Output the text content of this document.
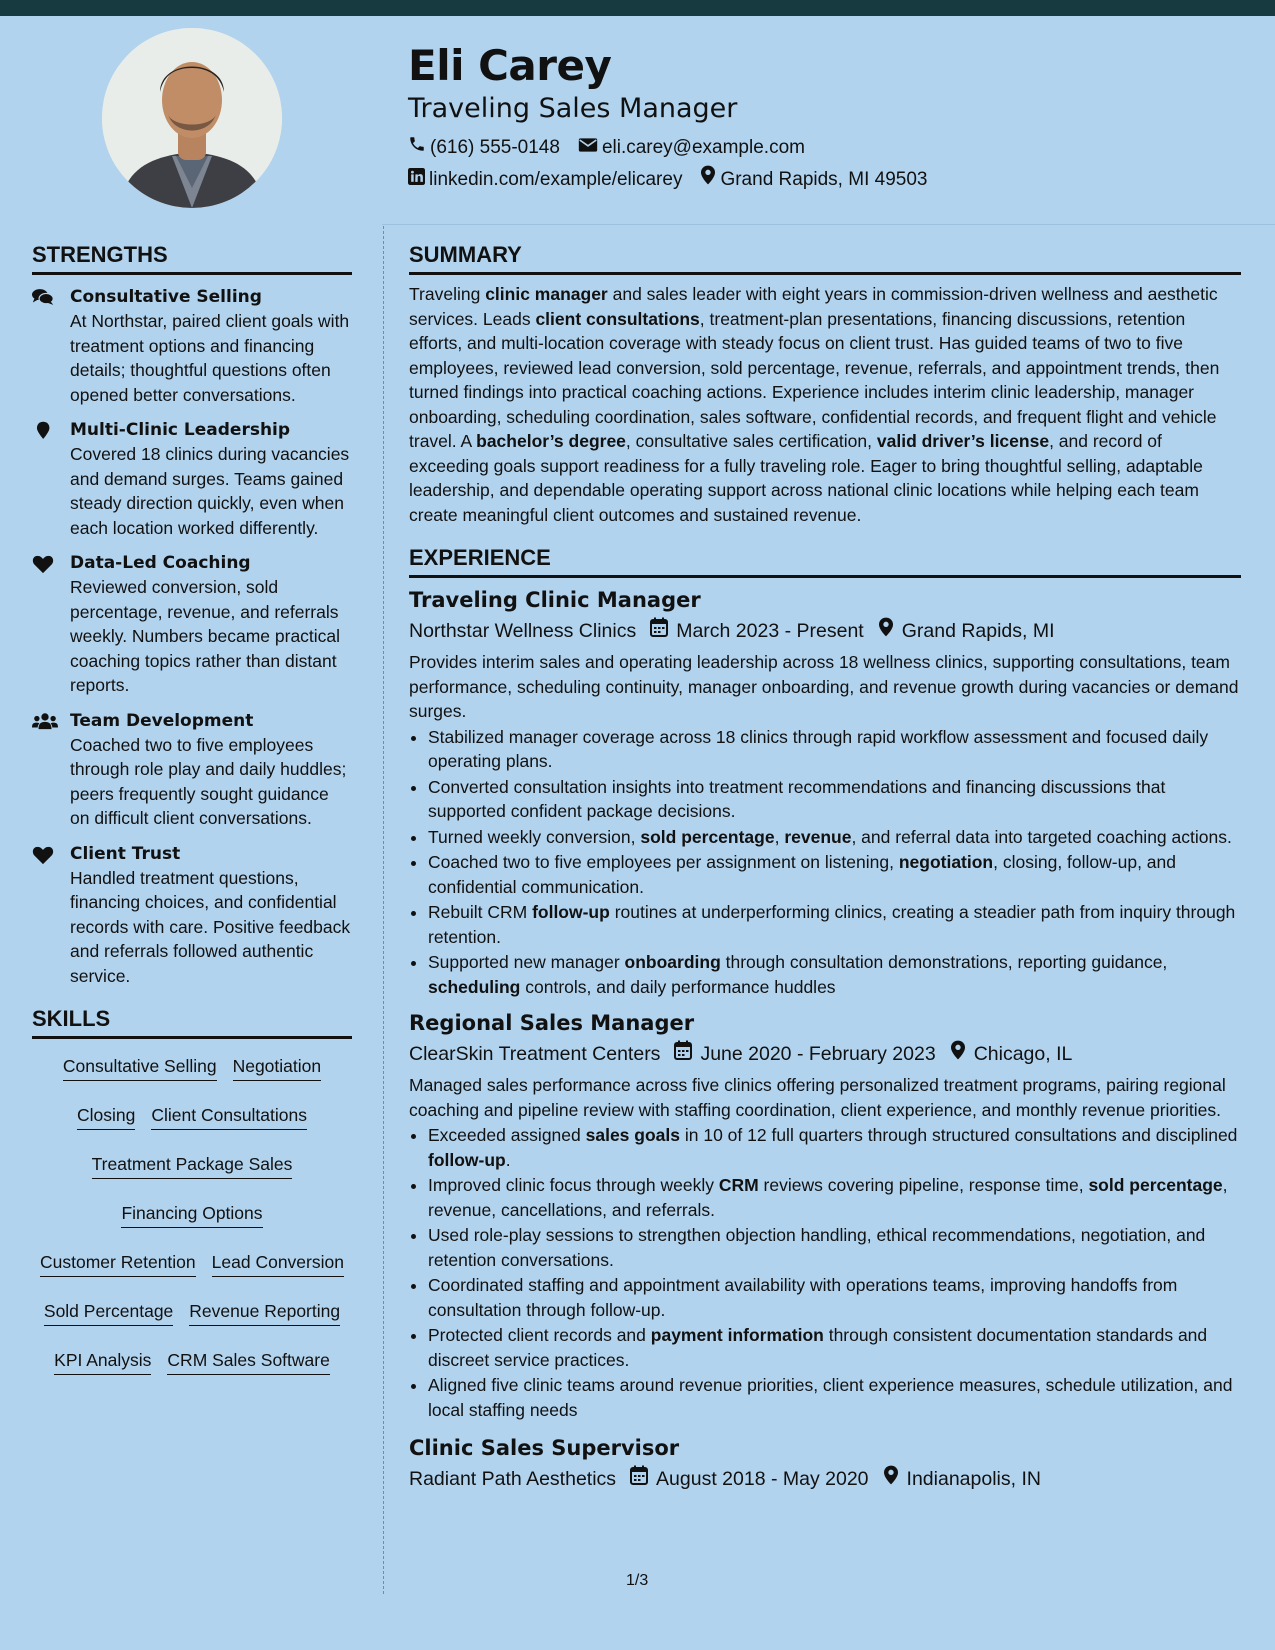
Eli Carey
Traveling Sales Manager
(616) 555-0148 eli.carey@example.com
linkedin.com/example/elicarey Grand Rapids, MI 49503
STRENGTHS
Consultative Selling
At Northstar, paired client goals with treatment options and financing details; thoughtful questions often opened better conversations.
Multi-Clinic Leadership
Covered 18 clinics during vacancies and demand surges. Teams gained steady direction quickly, even when each location worked differently.
Data-Led Coaching
Reviewed conversion, sold percentage, revenue, and referrals weekly. Numbers became practical coaching topics rather than distant reports.
Team Development
Coached two to five employees through role play and daily huddles; peers frequently sought guidance on difficult client conversations.
Client Trust
Handled treatment questions, financing choices, and confidential records with care. Positive feedback and referrals followed authentic service.
SKILLS
Consultative Selling Negotiation
Closing Client Consultations
Treatment Package Sales
Financing Options
Customer Retention Lead Conversion
Sold Percentage Revenue Reporting
KPI Analysis CRM Sales Software
SUMMARY
Traveling clinic manager and sales leader with eight years in commission-driven wellness and aesthetic services. Leads client consultations, treatment-plan presentations, financing discussions, retention efforts, and multi-location coverage with steady focus on client trust. Has guided teams of two to five employees, reviewed lead conversion, sold percentage, revenue, referrals, and appointment trends, then turned findings into practical coaching actions. Experience includes interim clinic leadership, manager onboarding, scheduling coordination, sales software, confidential records, and frequent flight and vehicle travel. A bachelor’s degree, consultative sales certification, valid driver’s license, and record of exceeding goals support readiness for a fully traveling role. Eager to bring thoughtful selling, adaptable leadership, and dependable operating support across national clinic locations while helping each team create meaningful client outcomes and sustained revenue.
EXPERIENCE
Traveling Clinic Manager
Northstar Wellness Clinics March 2023 - Present Grand Rapids, MI
Provides interim sales and operating leadership across 18 wellness clinics, supporting consultations, team performance, scheduling continuity, manager onboarding, and revenue growth during vacancies or demand surges.
• Stabilized manager coverage across 18 clinics through rapid workflow assessment and focused daily operating plans.
• Converted consultation insights into treatment recommendations and financing discussions that supported confident package decisions.
• Turned weekly conversion, sold percentage, revenue, and referral data into targeted coaching actions.
• Coached two to five employees per assignment on listening, negotiation, closing, follow-up, and confidential communication.
• Rebuilt CRM follow-up routines at underperforming clinics, creating a steadier path from inquiry through retention.
• Supported new manager onboarding through consultation demonstrations, reporting guidance, scheduling controls, and daily performance huddles
Regional Sales Manager
ClearSkin Treatment Centers June 2020 - February 2023 Chicago, IL
Managed sales performance across five clinics offering personalized treatment programs, pairing regional coaching and pipeline review with staffing coordination, client experience, and monthly revenue priorities.
• Exceeded assigned sales goals in 10 of 12 full quarters through structured consultations and disciplined follow-up.
• Improved clinic focus through weekly CRM reviews covering pipeline, response time, sold percentage, revenue, cancellations, and referrals.
• Used role-play sessions to strengthen objection handling, ethical recommendations, negotiation, and retention conversations.
• Coordinated staffing and appointment availability with operations teams, improving handoffs from consultation through follow-up.
• Protected client records and payment information through consistent documentation standards and discreet service practices.
• Aligned five clinic teams around revenue priorities, client experience measures, schedule utilization, and local staffing needs
Clinic Sales Supervisor
Radiant Path Aesthetics August 2018 - May 2020 Indianapolis, IN
1/3
